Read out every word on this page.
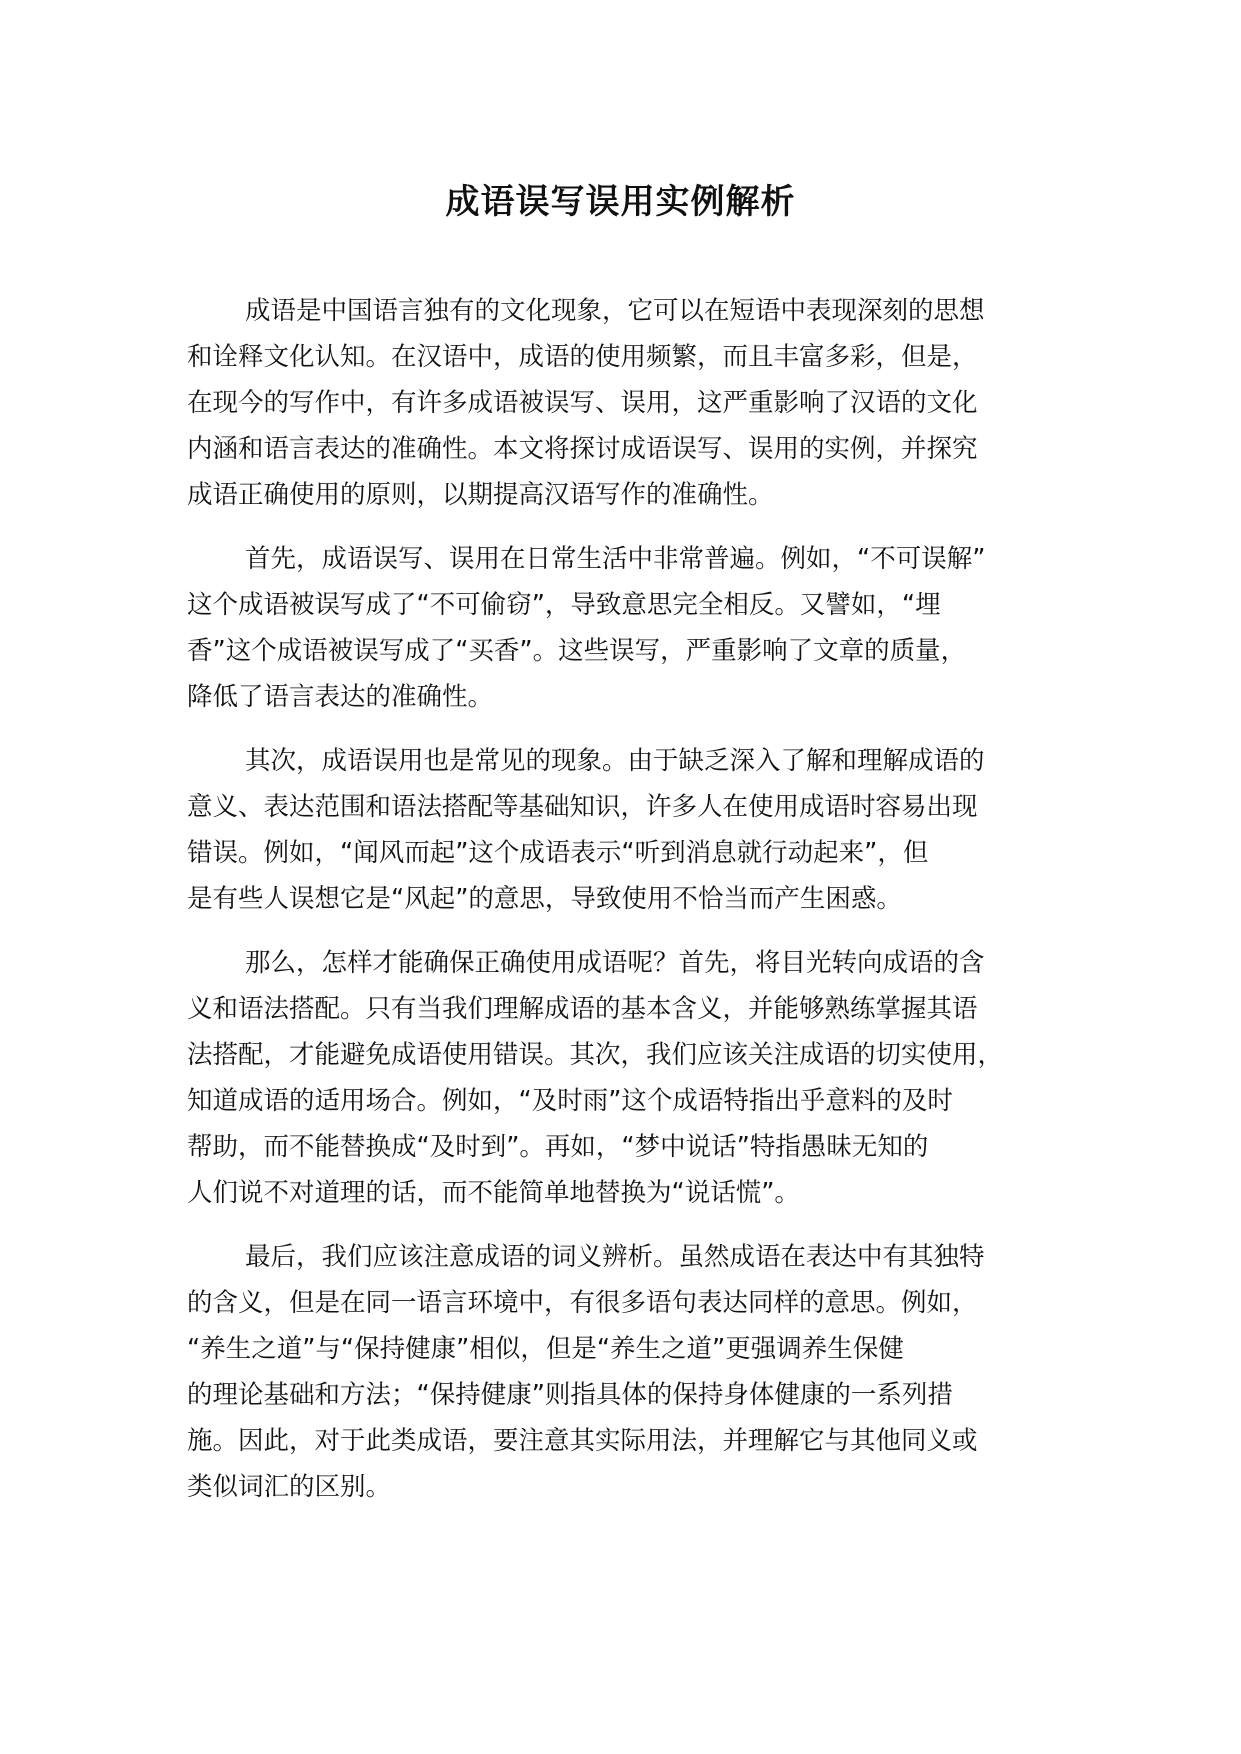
成语误写误用实例解析
成语是中国语言独有的文化现象，它可以在短语中表现深刻的思想
和诠释文化认知。在汉语中，成语的使用频繁，而且丰富多彩，但是，
在现今的写作中，有许多成语被误写、误用，这严重影响了汉语的文化
内涵和语言表达的准确性。本文将探讨成语误写、误用的实例，并探究
成语正确使用的原则，以期提高汉语写作的准确性。
首先，成语误写、误用在日常生活中非常普遍。例如，“不可误解”
这个成语被误写成了“不可偷窃”，导致意思完全相反。又譬如，“埋
香”这个成语被误写成了“买香”。这些误写，严重影响了文章的质量，
降低了语言表达的准确性。
其次，成语误用也是常见的现象。由于缺乏深入了解和理解成语的
意义、表达范围和语法搭配等基础知识，许多人在使用成语时容易出现
错误。例如，“闻风而起”这个成语表示“听到消息就行动起来”，但
是有些人误想它是“风起”的意思，导致使用不恰当而产生困惑。
那么，怎样才能确保正确使用成语呢？首先，将目光转向成语的含
义和语法搭配。只有当我们理解成语的基本含义，并能够熟练掌握其语
法搭配，才能避免成语使用错误。其次，我们应该关注成语的切实使用，
知道成语的适用场合。例如，“及时雨”这个成语特指出乎意料的及时
帮助，而不能替换成“及时到”。再如，“梦中说话”特指愚昧无知的
人们说不对道理的话，而不能简单地替换为“说话慌”。
最后，我们应该注意成语的词义辨析。虽然成语在表达中有其独特
的含义，但是在同一语言环境中，有很多语句表达同样的意思。例如，
“养生之道”与“保持健康”相似，但是“养生之道”更强调养生保健
的理论基础和方法；“保持健康”则指具体的保持身体健康的一系列措
施。因此，对于此类成语，要注意其实际用法，并理解它与其他同义或
类似词汇的区别。
